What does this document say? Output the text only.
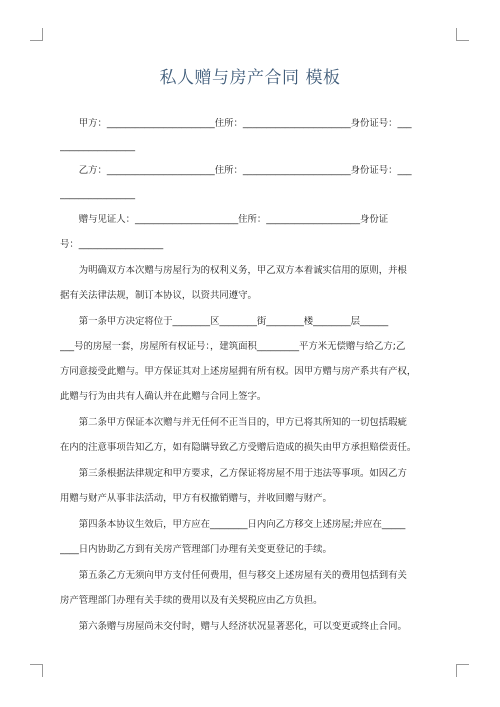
私人赠与房产合同 模板
　　甲方：_______________________住所：_______________________身份证号：___
________________
　　乙方：_______________________住所：_______________________身份证号：___
________________
　　赠与见证人：______________________住所：____________________身份证
号：__________________
　　为明确双方本次赠与房屋行为的权利义务，甲乙双方本着诚实信用的原则，并根
据有关法律法规，制订本协议，以资共同遵守。
　　第一条甲方决定将位于________区________街________楼________层______
___号的房屋一套，房屋所有权证号：，建筑面积_________平方米无偿赠与给乙方;乙
方同意接受此赠与。甲方保证其对上述房屋拥有所有权。因甲方赠与房产系共有产权，
此赠与行为由共有人确认并在此赠与合同上签字。
　　第二条甲方保证本次赠与并无任何不正当目的，甲方已将其所知的一切包括瑕疵
在内的注意事项告知乙方，如有隐瞒导致乙方受赠后造成的损失由甲方承担赔偿责任。
　　第三条根据法律规定和甲方要求，乙方保证将房屋不用于违法等事项。如因乙方
用赠与财产从事非法活动，甲方有权撤销赠与，并收回赠与财产。
　　第四条本协议生效后，甲方应在________日内向乙方移交上述房屋;并应在_____
____日内协助乙方到有关房产管理部门办理有关变更登记的手续。
　　第五条乙方无须向甲方支付任何费用，但与移交上述房屋有关的费用包括到有关
房产管理部门办理有关手续的费用以及有关契税应由乙方负担。
　　第六条赠与房屋尚未交付时，赠与人经济状况显著恶化，可以变更或终止合同。
